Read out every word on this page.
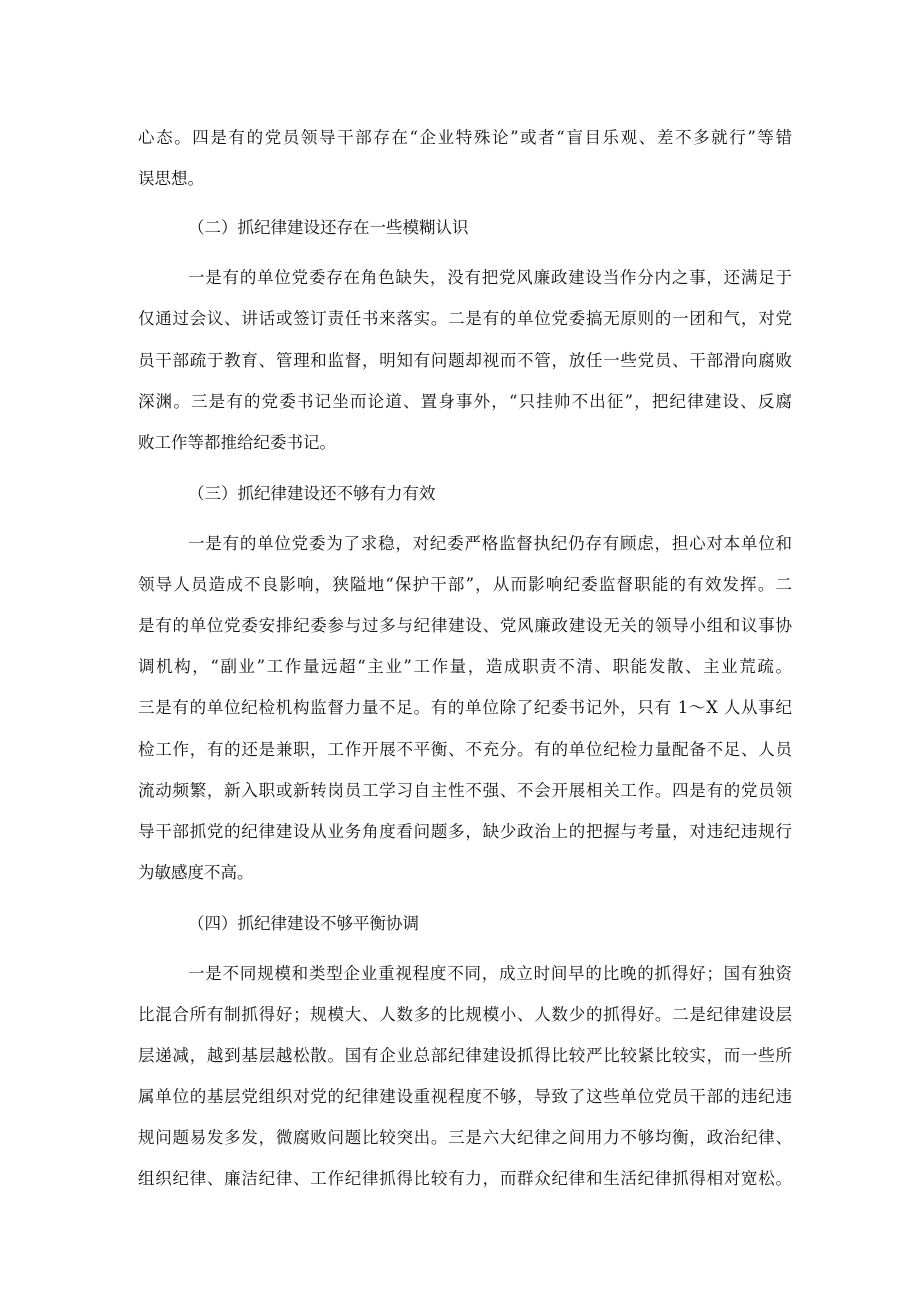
心态。四是有的党员领导干部存在“企业特殊论”或者“盲目乐观、差不多就行”等错
误思想。
（二）抓纪律建设还存在一些模糊认识
一是有的单位党委存在角色缺失，没有把党风廉政建设当作分内之事，还满足于
仅通过会议、讲话或签订责任书来落实。二是有的单位党委搞无原则的一团和气，对党
员干部疏于教育、管理和监督，明知有问题却视而不管，放任一些党员、干部滑向腐败
深渊。三是有的党委书记坐而论道、置身事外，“只挂帅不出征”，把纪律建设、反腐
败工作等都推给纪委书记。
（三）抓纪律建设还不够有力有效
一是有的单位党委为了求稳，对纪委严格监督执纪仍存有顾虑，担心对本单位和
领导人员造成不良影响，狭隘地“保护干部”，从而影响纪委监督职能的有效发挥。二
是有的单位党委安排纪委参与过多与纪律建设、党风廉政建设无关的领导小组和议事协
调机构，“副业”工作量远超“主业”工作量，造成职责不清、职能发散、主业荒疏。
三是有的单位纪检机构监督力量不足。有的单位除了纪委书记外，只有 1～X 人从事纪
检工作，有的还是兼职，工作开展不平衡、不充分。有的单位纪检力量配备不足、人员
流动频繁，新入职或新转岗员工学习自主性不强、不会开展相关工作。四是有的党员领
导干部抓党的纪律建设从业务角度看问题多，缺少政治上的把握与考量，对违纪违规行
为敏感度不高。
（四）抓纪律建设不够平衡协调
一是不同规模和类型企业重视程度不同，成立时间早的比晚的抓得好；国有独资
比混合所有制抓得好；规模大、人数多的比规模小、人数少的抓得好。二是纪律建设层
层递减，越到基层越松散。国有企业总部纪律建设抓得比较严比较紧比较实，而一些所
属单位的基层党组织对党的纪律建设重视程度不够，导致了这些单位党员干部的违纪违
规问题易发多发，微腐败问题比较突出。三是六大纪律之间用力不够均衡，政治纪律、
组织纪律、廉洁纪律、工作纪律抓得比较有力，而群众纪律和生活纪律抓得相对宽松。
